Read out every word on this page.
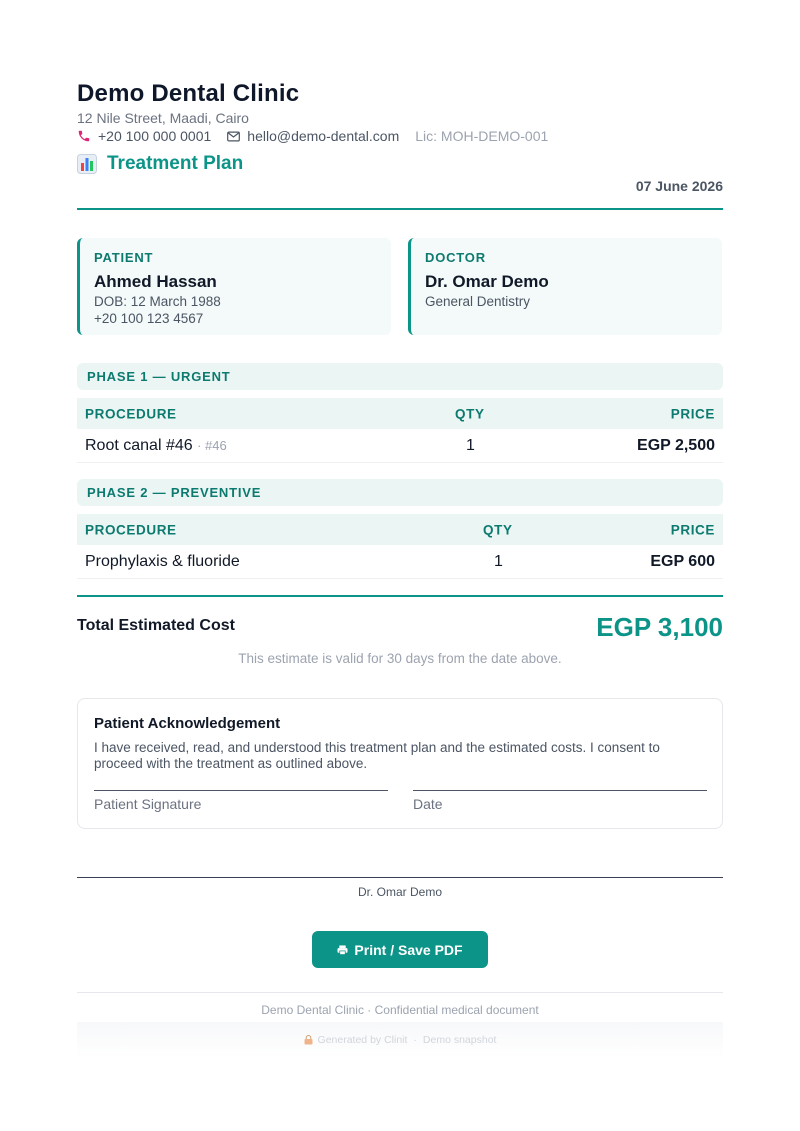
Demo Dental Clinic
12 Nile Street, Maadi, Cairo
+20 100 000 0001	hello@demo-dental.com Lic: MOH-DEMO-001
Treatment Plan
07 June 2026
PATIENT
Ahmed Hassan
DOB: 12 March 1988
+20 100 123 4567
DOCTOR
Dr. Omar Demo
General Dentistry
PHASE 1 — URGENT
PROCEDURE	QTY	PRICE
Root canal #46 · #46	1	EGP 2,500
PHASE 2 — PREVENTIVE
PROCEDURE	QTY	PRICE
Prophylaxis & fluoride	1	EGP 600
Total Estimated Cost	EGP 3,100
This estimate is valid for 30 days from the date above.
Patient Acknowledgement
I have received, read, and understood this treatment plan and the estimated costs. I consent to proceed with the treatment as outlined above.
Patient Signature	Date
Dr. Omar Demo
Print / Save PDF
Demo Dental Clinic · Confidential medical document
Generated by Clinit · Demo snapshot
